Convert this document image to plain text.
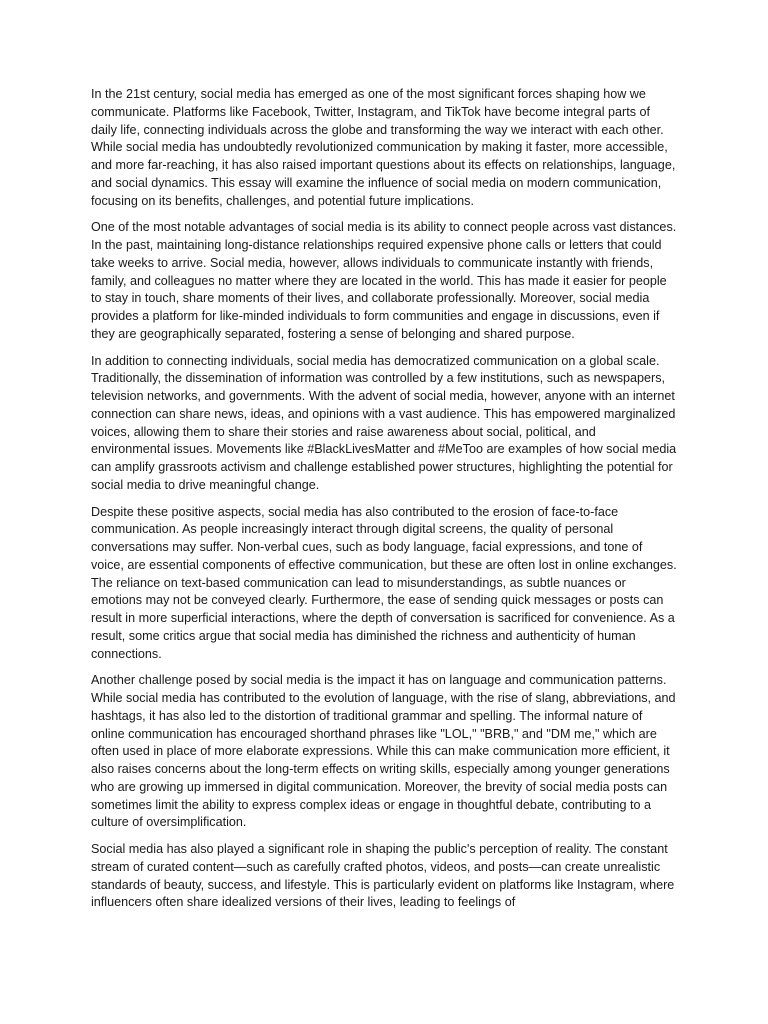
In the 21st century, social media has emerged as one of the most significant forces shaping how we communicate. Platforms like Facebook, Twitter, Instagram, and TikTok have become integral parts of daily life, connecting individuals across the globe and transforming the way we interact with each other. While social media has undoubtedly revolutionized communication by making it faster, more accessible, and more far-reaching, it has also raised important questions about its effects on relationships, language, and social dynamics. This essay will examine the influence of social media on modern communication, focusing on its benefits, challenges, and potential future implications.

One of the most notable advantages of social media is its ability to connect people across vast distances. In the past, maintaining long-distance relationships required expensive phone calls or letters that could take weeks to arrive. Social media, however, allows individuals to communicate instantly with friends, family, and colleagues no matter where they are located in the world. This has made it easier for people to stay in touch, share moments of their lives, and collaborate professionally. Moreover, social media provides a platform for like-minded individuals to form communities and engage in discussions, even if they are geographically separated, fostering a sense of belonging and shared purpose.

In addition to connecting individuals, social media has democratized communication on a global scale. Traditionally, the dissemination of information was controlled by a few institutions, such as newspapers, television networks, and governments. With the advent of social media, however, anyone with an internet connection can share news, ideas, and opinions with a vast audience. This has empowered marginalized voices, allowing them to share their stories and raise awareness about social, political, and environmental issues. Movements like #BlackLivesMatter and #MeToo are examples of how social media can amplify grassroots activism and challenge established power structures, highlighting the potential for social media to drive meaningful change.

Despite these positive aspects, social media has also contributed to the erosion of face-to-face communication. As people increasingly interact through digital screens, the quality of personal conversations may suffer. Non-verbal cues, such as body language, facial expressions, and tone of voice, are essential components of effective communication, but these are often lost in online exchanges. The reliance on text-based communication can lead to misunderstandings, as subtle nuances or emotions may not be conveyed clearly. Furthermore, the ease of sending quick messages or posts can result in more superficial interactions, where the depth of conversation is sacrificed for convenience. As a result, some critics argue that social media has diminished the richness and authenticity of human connections.

Another challenge posed by social media is the impact it has on language and communication patterns. While social media has contributed to the evolution of language, with the rise of slang, abbreviations, and hashtags, it has also led to the distortion of traditional grammar and spelling. The informal nature of online communication has encouraged shorthand phrases like "LOL," "BRB," and "DM me," which are often used in place of more elaborate expressions. While this can make communication more efficient, it also raises concerns about the long-term effects on writing skills, especially among younger generations who are growing up immersed in digital communication. Moreover, the brevity of social media posts can sometimes limit the ability to express complex ideas or engage in thoughtful debate, contributing to a culture of oversimplification.

Social media has also played a significant role in shaping the public's perception of reality. The constant stream of curated content—such as carefully crafted photos, videos, and posts—can create unrealistic standards of beauty, success, and lifestyle. This is particularly evident on platforms like Instagram, where influencers often share idealized versions of their lives, leading to feelings of
